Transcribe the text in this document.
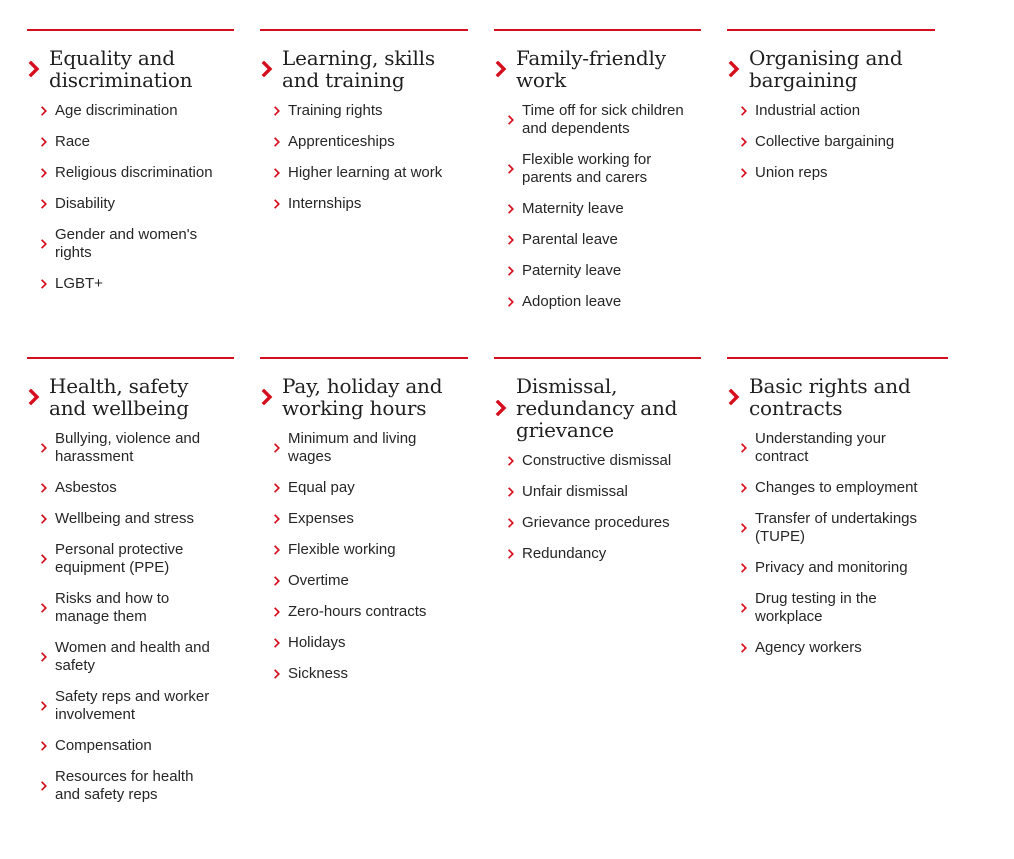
Equality and
discrimination
Age discrimination
Race
Religious discrimination
Disability
Gender and women's
rights
LGBT+
Learning, skills
and training
Training rights
Apprenticeships
Higher learning at work
Internships
Family-friendly
work
Time off for sick children
and dependents
Flexible working for
parents and carers
Maternity leave
Parental leave
Paternity leave
Adoption leave
Organising and
bargaining
Industrial action
Collective bargaining
Union reps
Health, safety
and wellbeing
Bullying, violence and
harassment
Asbestos
Wellbeing and stress
Personal protective
equipment (PPE)
Risks and how to
manage them
Women and health and
safety
Safety reps and worker
involvement
Compensation
Resources for health
and safety reps
Pay, holiday and
working hours
Minimum and living
wages
Equal pay
Expenses
Flexible working
Overtime
Zero-hours contracts
Holidays
Sickness
Dismissal,
redundancy and
grievance
Constructive dismissal
Unfair dismissal
Grievance procedures
Redundancy
Basic rights and
contracts
Understanding your
contract
Changes to employment
Transfer of undertakings
(TUPE)
Privacy and monitoring
Drug testing in the
workplace
Agency workers
